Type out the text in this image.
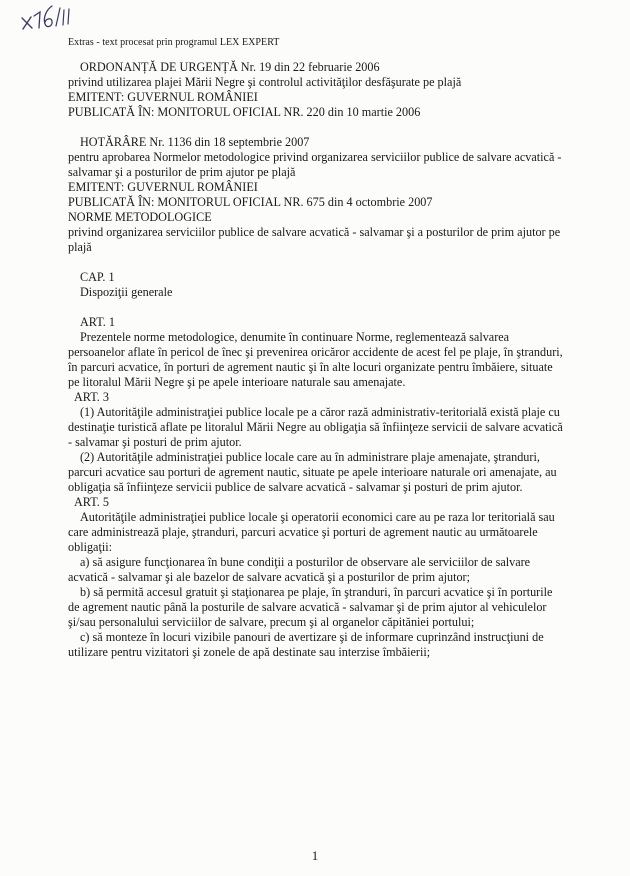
Extras - text procesat prin programul LEX EXPERT

ORDONANȚĂ DE URGENȚĂ Nr. 19 din 22 februarie 2006

privind utilizarea plajei Mării Negre şi controlul activităţilor desfăşurate pe plajă

EMITENT: GUVERNUL ROMÂNIEI

PUBLICATĂ ÎN: MONITORUL OFICIAL NR. 220 din 10 martie 2006

HOTĂRÂRE Nr. 1136 din 18 septembrie 2007

pentru aprobarea Normelor metodologice privind organizarea serviciilor publice de salvare acvatică -

salvamar şi a posturilor de prim ajutor pe plajă

EMITENT: GUVERNUL ROMÂNIEI

PUBLICATĂ ÎN: MONITORUL OFICIAL NR. 675 din 4 octombrie 2007

NORME METODOLOGICE

privind organizarea serviciilor publice de salvare acvatică - salvamar şi a posturilor de prim ajutor pe

plajă

CAP. 1

Dispoziţii generale

ART. 1

Prezentele norme metodologice, denumite în continuare Norme, reglementează salvarea

persoanelor aflate în pericol de înec şi prevenirea oricăror accidente de acest fel pe plaje, în ştranduri,

în parcuri acvatice, în porturi de agrement nautic şi în alte locuri organizate pentru îmbăiere, situate

pe litoralul Mării Negre şi pe apele interioare naturale sau amenajate.

ART. 3

(1) Autorităţile administraţiei publice locale pe a căror rază administrativ-teritorială există plaje cu

destinaţie turistică aflate pe litoralul Mării Negre au obligaţia să înfiinţeze servicii de salvare acvatică

- salvamar şi posturi de prim ajutor.

(2) Autorităţile administraţiei publice locale care au în administrare plaje amenajate, ştranduri,

parcuri acvatice sau porturi de agrement nautic, situate pe apele interioare naturale ori amenajate, au

obligaţia să înfiinţeze servicii publice de salvare acvatică - salvamar şi posturi de prim ajutor.

ART. 5

Autorităţile administraţiei publice locale şi operatorii economici care au pe raza lor teritorială sau

care administrează plaje, ştranduri, parcuri acvatice şi porturi de agrement nautic au următoarele

obligaţii:

a) să asigure funcţionarea în bune condiţii a posturilor de observare ale serviciilor de salvare

acvatică - salvamar şi ale bazelor de salvare acvatică şi a posturilor de prim ajutor;

b) să permită accesul gratuit şi staţionarea pe plaje, în ştranduri, în parcuri acvatice şi în porturile

de agrement nautic până la posturile de salvare acvatică - salvamar şi de prim ajutor al vehiculelor

şi/sau personalului serviciilor de salvare, precum şi al organelor căpităniei portului;

c) să monteze în locuri vizibile panouri de avertizare şi de informare cuprinzând instrucţiuni de

utilizare pentru vizitatori şi zonele de apă destinate sau interzise îmbăierii;

1
